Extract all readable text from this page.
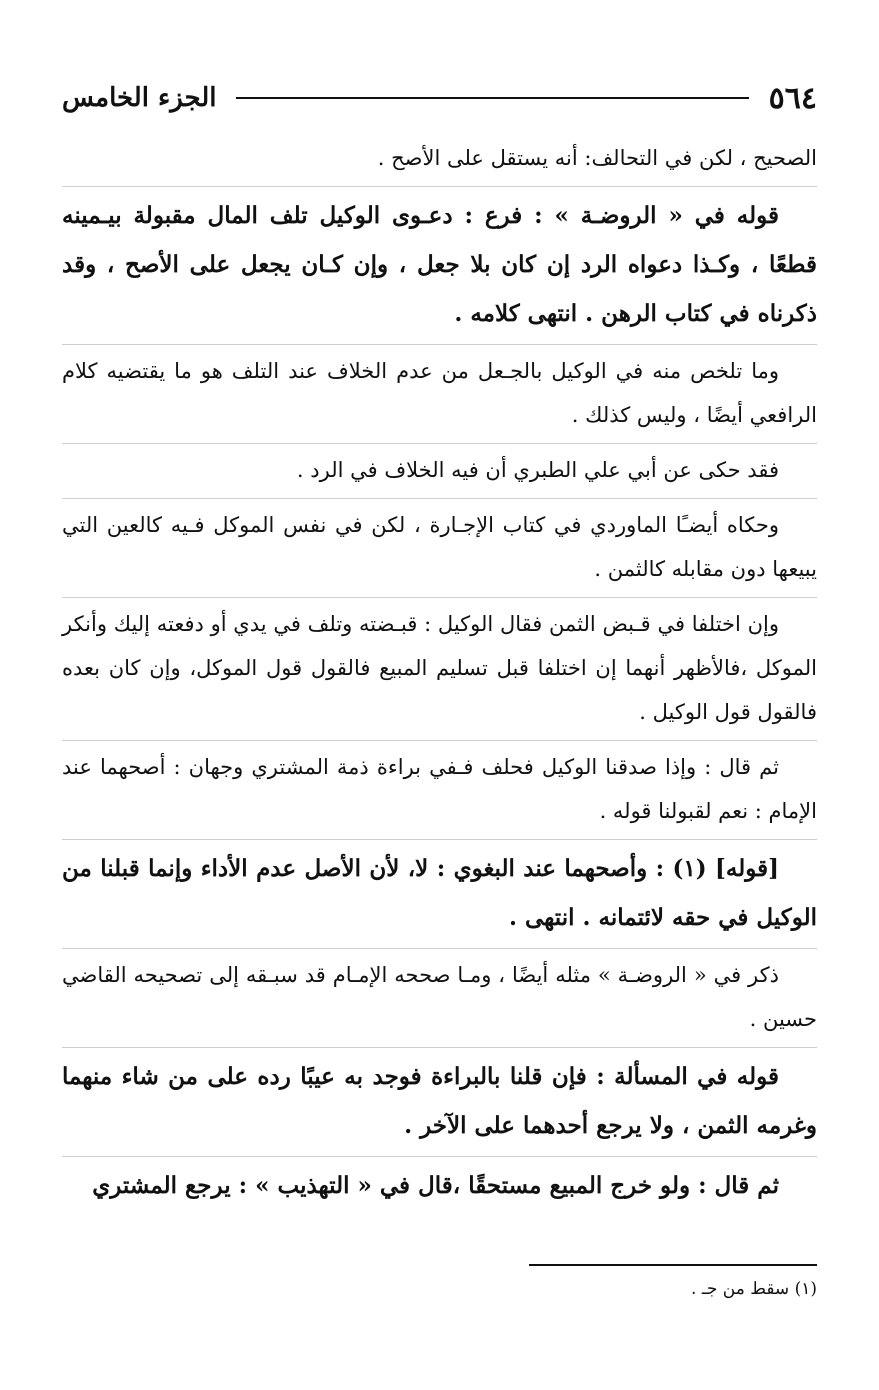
٥٦٤
الجزء الخامس
الصحيح ، لكن في التحالف: أنه يستقل على الأصح .
قوله في « الروضـة » : فرع : دعـوى الوكيل تلف المال مقبولة بيـمينه قطعًا ، وكـذا دعواه الرد إن كان بلا جعل ، وإن كـان يجعل على الأصح ، وقد ذكرناه في كتاب الرهن . انتهى كلامه .
وما تلخص منه في الوكيل بالجـعل من عدم الخلاف عند التلف هو ما يقتضيه كلام الرافعي أيضًا ، وليس كذلك .
فقد حكى عن أبي علي الطبري أن فيه الخلاف في الرد .
وحكاه أيضـًا الماوردي في كتاب الإجـارة ، لكن في نفس الموكل فـيه كالعين التي يبيعها دون مقابله كالثمن .
وإن اختلفا في قـبض الثمن فقال الوكيل : قبـضته وتلف في يدي أو دفعته إليك وأنكر الموكل ،فالأظهر أنهما إن اختلفا قبل تسليم المبيع فالقول قول الموكل، وإن كان بعده فالقول قول الوكيل .
ثم قال : وإذا صدقنا الوكيل فحلف فـفي براءة ذمة المشتري وجهان : أصحهما عند الإمام : نعم لقبولنا قوله .
[قوله] (١) : وأصحهما عند البغوي : لا، لأن الأصل عدم الأداء وإنما قبلنا من الوكيل في حقه لائتمانه . انتهى .
ذكر في « الروضـة » مثله أيضًا ، ومـا صححه الإمـام قد سبـقه إلى تصحيحه القاضي حسين .
قوله في المسألة : فإن قلنا بالبراءة فوجد به عيبًا رده على من شاء منهما وغرمه الثمن ، ولا يرجع أحدهما على الآخر .
ثم قال : ولو خرج المبيع مستحقًا ،قال في « التهذيب » : يرجع المشتري
(١) سقط من جـ .
